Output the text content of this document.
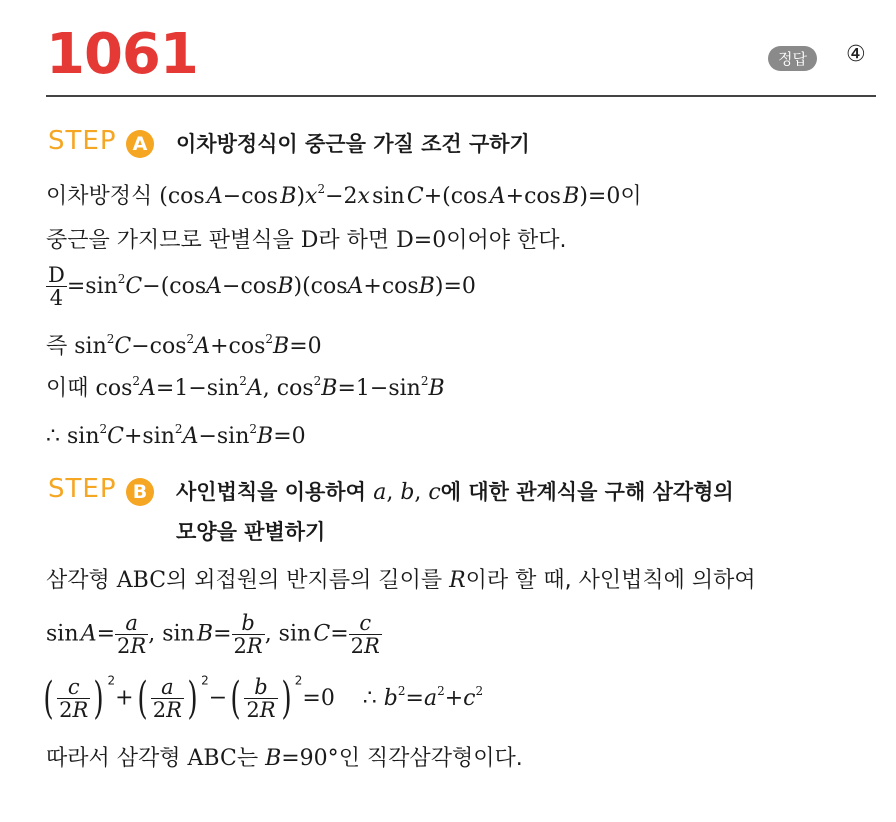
1061	정답	④
STEP A	이차방정식이 중근을 가질 조건 구하기
이차방정식 (cos A−cos $B)x^2-2x$ sin C+(cos A+cos B)=0이
중근을 가지므로 판별식을 D라 하면 D=0이어야 한다.
$\frac{D}{4} =\sin^2C-(\cos A-\cos B)(\cos A+\cos B)=0$
즉 $\sin^2C-\cos^2A+\cos^2B=0$
이때 $\cos^2A=1-\sin^2A$, $\cos^2B=1-\sin^2B$
∴ $\sin^2C+\sin^2A-\sin^2B=0$
STEP B	사인법칙을 이용하여 a, b, c에 대한 관계식을 구해 삼각형의
모양을 판별하기
삼각형 ABC의 외접원의 반지름의 길이를 R이라 할 때, 사인법칙에 의하여
sin $A= \frac{a}{2R}$ , sin $B= \frac{b}{2R}$ , sin $C= \frac{c}{2R}$
( $\frac{c}{2R}$ ) $^2+( \frac{a}{2R}$ ) $^2-( \frac{b}{2R}$ ) $^2$=0    ∴ $b^2=a^2+c^2$
따라서 삼각형 ABC는 B=90°인 직각삼각형이다.
